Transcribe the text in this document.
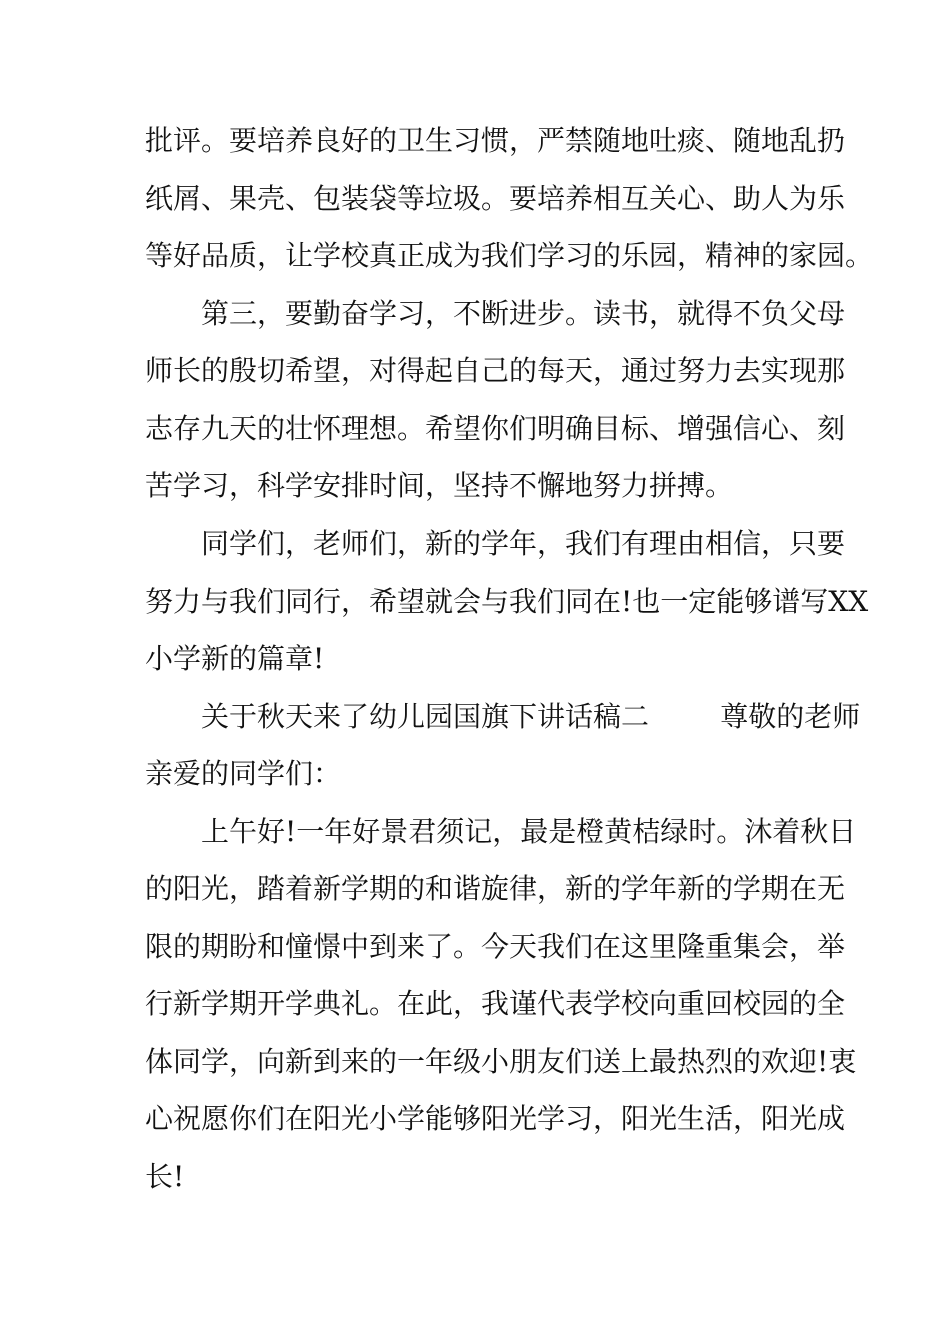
批评。要培养良好的卫生习惯，严禁随地吐痰、随地乱扔

纸屑、果壳、包装袋等垃圾。要培养相互关心、助人为乐

等好品质，让学校真正成为我们学习的乐园，精神的家园。

第三，要勤奋学习，不断进步。读书，就得不负父母

师长的殷切希望，对得起自己的每天，通过努力去实现那

志存九天的壮怀理想。希望你们明确目标、增强信心、刻

苦学习，科学安排时间，坚持不懈地努力拼搏。

同学们，老师们，新的学年，我们有理由相信，只要

努力与我们同行，希望就会与我们同在!也一定能够谱写XX

小学新的篇章!

关于秋天来了幼儿园国旗下讲话稿二        尊敬的老师

亲爱的同学们：

上午好!一年好景君须记，最是橙黄桔绿时。沐着秋日

的阳光，踏着新学期的和谐旋律，新的学年新的学期在无

限的期盼和憧憬中到来了。今天我们在这里隆重集会，举

行新学期开学典礼。在此，我谨代表学校向重回校园的全

体同学，向新到来的一年级小朋友们送上最热烈的欢迎!衷

心祝愿你们在阳光小学能够阳光学习，阳光生活，阳光成

长!
